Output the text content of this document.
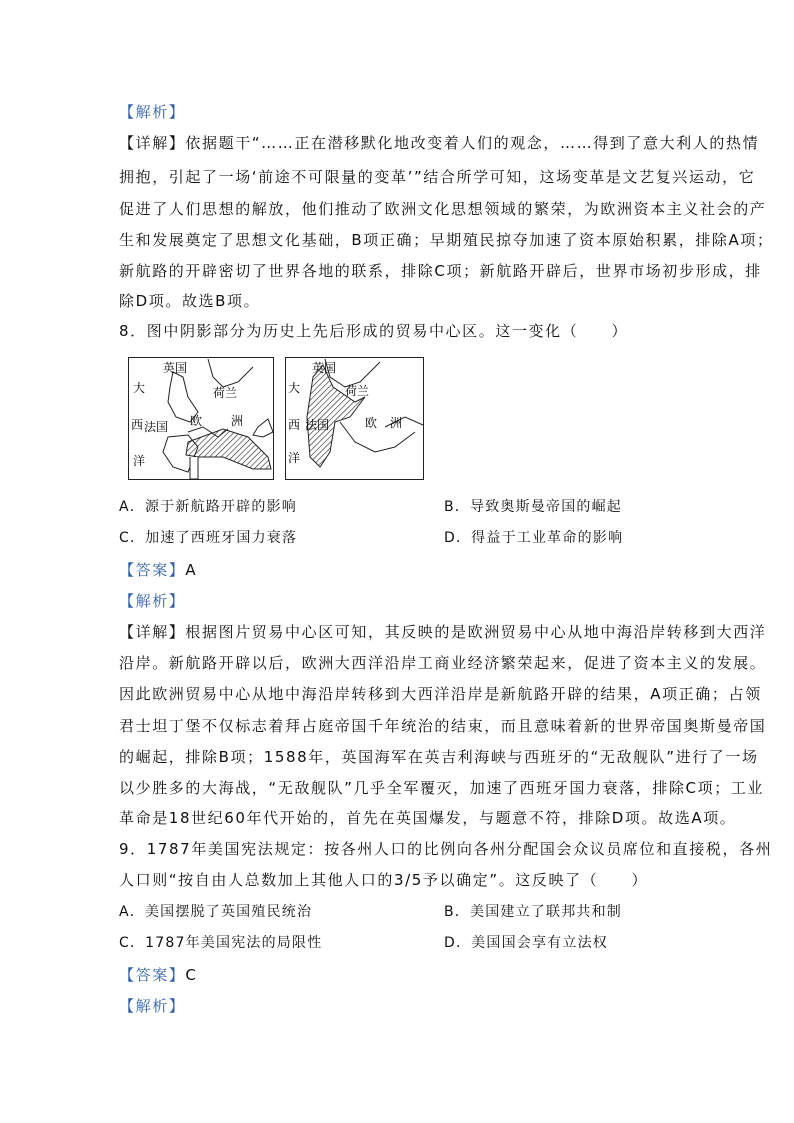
【解析】
【详解】依据题干“……正在潜移默化地改变着人们的观念，……得到了意大利人的热情
拥抱，引起了一场‘前途不可限量的变革’”结合所学可知，这场变革是文艺复兴运动，它
促进了人们思想的解放，他们推动了欧洲文化思想领域的繁荣，为欧洲资本主义社会的产
生和发展奠定了思想文化基础，B项正确；早期殖民掠夺加速了资本原始积累，排除A项；
新航路的开辟密切了世界各地的联系，排除C项；新航路开辟后，世界市场初步形成，排
除D项。故选B项。
8．图中阴影部分为历史上先后形成的贸易中心区。这一变化（　　）
英国
荷兰
大
西 法国 欧 洲
洋
英国
荷兰
大
西 法国	欧 洲
洋
A．源于新航路开辟的影响	B．导致奥斯曼帝国的崛起
C．加速了西班牙国力衰落	D．得益于工业革命的影响
【答案】A
【解析】
【详解】根据图片贸易中心区可知，其反映的是欧洲贸易中心从地中海沿岸转移到大西洋
沿岸。新航路开辟以后，欧洲大西洋沿岸工商业经济繁荣起来，促进了资本主义的发展。
因此欧洲贸易中心从地中海沿岸转移到大西洋沿岸是新航路开辟的结果，A项正确；占领
君士坦丁堡不仅标志着拜占庭帝国千年统治的结束，而且意味着新的世界帝国奥斯曼帝国
的崛起，排除B项；1588年，英国海军在英吉利海峡与西班牙的“无敌舰队”进行了一场
以少胜多的大海战，“无敌舰队”几乎全军覆灭，加速了西班牙国力衰落，排除C项；工业
革命是18世纪60年代开始的，首先在英国爆发，与题意不符，排除D项。故选A项。
9．1787年美国宪法规定：按各州人口的比例向各州分配国会众议员席位和直接税，各州
人口则“按自由人总数加上其他人口的3/5予以确定”。这反映了（　　）
A．美国摆脱了英国殖民统治	B．美国建立了联邦共和制
C．1787年美国宪法的局限性	D．美国国会享有立法权
【答案】C
【解析】
